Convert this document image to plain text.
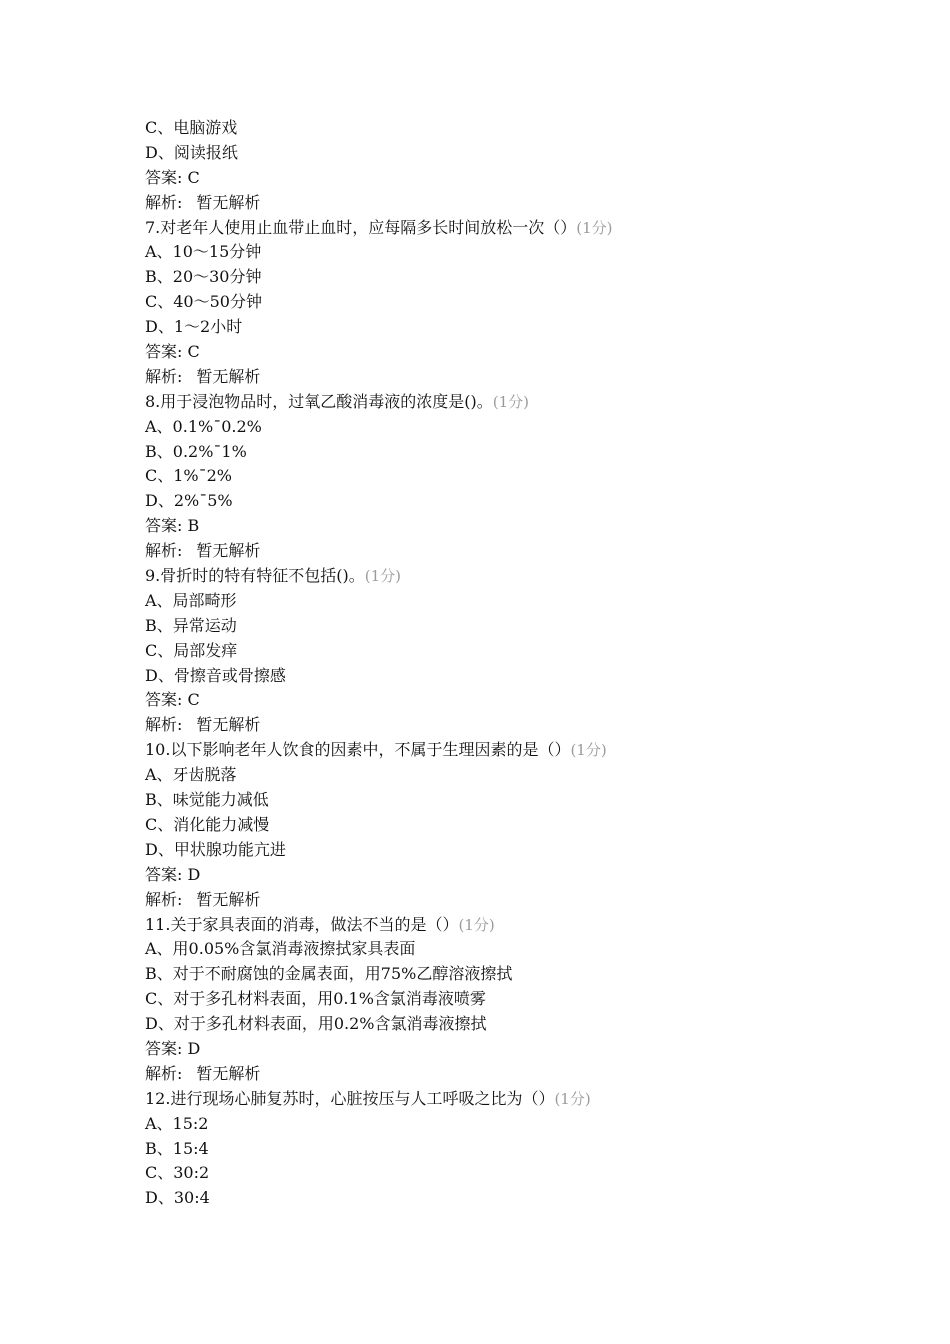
C、电脑游戏
D、阅读报纸
答案: C
解析: 暂无解析
7.对老年人使用止血带止血时，应每隔多长时间放松一次（）(1分)
A、10～15分钟
B、20～30分钟
C、40～50分钟
D、1～2小时
答案: C
解析: 暂无解析
8.用于浸泡物品时，过氧乙酸消毒液的浓度是()。(1分)
A、0.1%¯0.2%
B、0.2%¯1%
C、1%¯2%
D、2%¯5%
答案: B
解析: 暂无解析
9.骨折时的特有特征不包括()。(1分)
A、局部畸形
B、异常运动
C、局部发痒
D、骨擦音或骨擦感
答案: C
解析: 暂无解析
10.以下影响老年人饮食的因素中，不属于生理因素的是（）(1分)
A、牙齿脱落
B、味觉能力减低
C、消化能力减慢
D、甲状腺功能亢进
答案: D
解析: 暂无解析
11.关于家具表面的消毒，做法不当的是（）(1分)
A、用0.05%含氯消毒液擦拭家具表面
B、对于不耐腐蚀的金属表面，用75%乙醇溶液擦拭
C、对于多孔材料表面，用0.1%含氯消毒液喷雾
D、对于多孔材料表面，用0.2%含氯消毒液擦拭
答案: D
解析: 暂无解析
12.进行现场心肺复苏时，心脏按压与人工呼吸之比为（）(1分)
A、15:2
B、15:4
C、30:2
D、30:4
